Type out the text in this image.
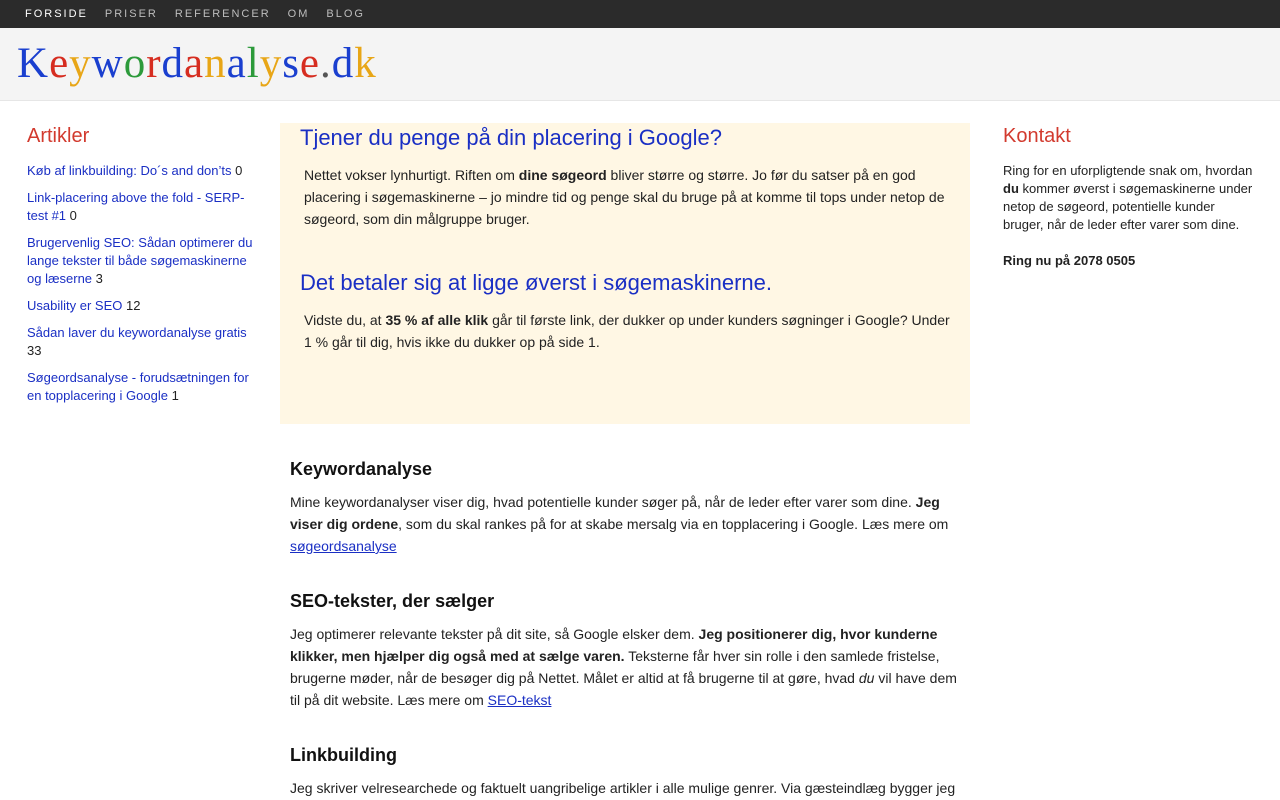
FORSIDE PRISER REFERENCER OM BLOG
Keywordanalyse.dk
Artikler
Køb af linkbuilding: Do´s and don’ts 0
Link-placering above the fold - SERP-test #1 0
Brugervenlig SEO: Sådan optimerer du lange tekster til både søgemaskinerne og læserne 3
Usability er SEO 12
Sådan laver du keywordanalyse gratis 33
Søgeordsanalyse - forudsætningen for en topplacering i Google 1
Tjener du penge på din placering i Google?

Nettet vokser lynhurtigt. Riften om dine søgeord bliver større og større. Jo før du satser på en god placering i søgemaskinerne – jo mindre tid og penge skal du bruge på at komme til tops under netop de søgeord, som din målgruppe bruger.

Det betaler sig at ligge øverst i søgemaskinerne.

Vidste du, at 35 % af alle klik går til første link, der dukker op under kunders søgninger i Google? Under 1 % går til dig, hvis ikke du dukker op på side 1.

Keywordanalyse

Mine keywordanalyser viser dig, hvad potentielle kunder søger på, når de leder efter varer som dine. Jeg viser dig ordene, som du skal rankes på for at skabe mersalg via en topplacering i Google. Læs mere om søgeordsanalyse

SEO-tekster, der sælger

Jeg optimerer relevante tekster på dit site, så Google elsker dem. Jeg positionerer dig, hvor kunderne klikker, men hjælper dig også med at sælge varen. Teksterne får hver sin rolle i den samlede fristelse, brugerne møder, når de besøger dig på Nettet. Målet er altid at få brugerne til at gøre, hvad du vil have dem til på dit website. Læs mere om SEO-tekst

Linkbuilding

Jeg skriver velresearchede og faktuelt uangribelige artikler i alle mulige genrer. Via gæsteindlæg bygger jeg

Kontakt

Ring for en uforpligtende snak om, hvordan du kommer øverst i søgemaskinerne under netop de søgeord, potentielle kunder bruger, når de leder efter varer som dine.

Ring nu på 2078 0505
